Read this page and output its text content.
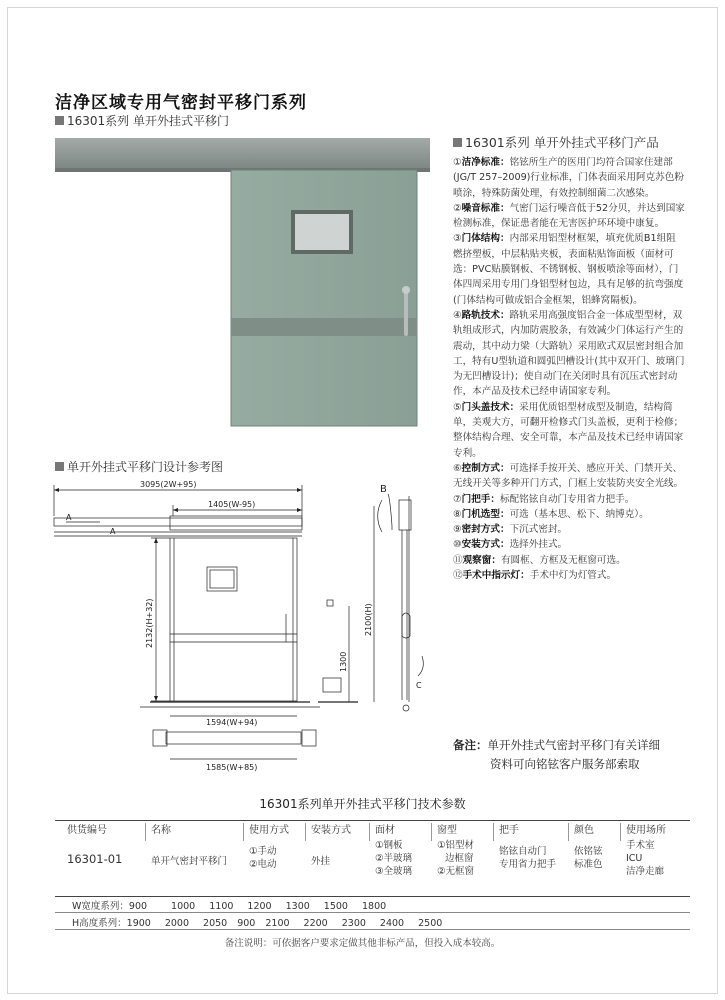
洁净区域专用气密封平移门系列
16301系列 单开外挂式平移门
16301系列 单开外挂式平移门产品

①洁净标准：铭铉所生产的医用门均符合国家住建部(JG/T 257–2009)行业标准，门体表面采用阿克苏色粉喷涂，特殊防菌处理，有效控制细菌二次感染。

②噪音标准：气密门运行噪音低于52分贝，并达到国家检测标准，保证患者能在无害医护环环境中康复。

③门体结构：内部采用铝型材框架，填充优质B1组阻燃挤塑板，中层粘贴夹板，表面粘贴饰面板（面材可选：PVC贴膜钢板、不锈钢板、钢板喷涂等面材），门体四周采用专用门身铝型材包边，具有足够的抗弯强度(门体结构可做成铝合金框架，铝蜂窝隔板)。

④路轨技术：路轨采用高强度铝合金一体成型型材，双轨组成形式，内加防震胶条，有效减少门体运行产生的震动，其中动力梁（大路轨）采用欧式双层密封组合加工，特有U型轨道和圆弧凹槽设计(其中双开门、玻璃门为无凹槽设计)；使自动门在关闭时具有沉压式密封动作，本产品及技术已经申请国家专利。

⑤门头盖技术：采用优质铝型材成型及制造，结构简单，美观大方，可翻开检修式门头盖板，更利于检修；整体结构合理、安全可靠，本产品及技术已经申请国家专利。

⑥控制方式：可选择手按开关、感应开关、门禁开关、无线开关等多种开门方式，门框上安装防夹安全光线。

⑦门把手：标配铭铉自动门专用省力把手。

⑧门机选型：可选（基本思、松下、纳博克）。

⑨密封方式：下沉式密封。

⑩安装方式：选择外挂式。

⑪观察窗：有圆框、方框及无框窗可选。

⑫手术中指示灯：手术中灯为灯管式。

单开外挂式平移门设计参考图
3095(2W+95)
1405(W-95)
2132(H+32)
1594(W+94)
1585(W+85)
2100(H)
1300
B
A
A
C
备注：单开外挂式气密封平移门有关详细
资料可向铭铉客户服务部索取
16301系列单开外挂式平移门技术参数
供货编号
16301-01
名称
单开气密封平移门
使用方式
①手动
②电动
安装方式
外挂
面材
①钢板
②半玻璃
③全玻璃
窗型
①铝型材
边框窗
②无框窗
把手
铭铉自动门
专用省力把手
颜色
依铭铉
标准色
使用场所
手术室
ICU
洁净走廊
W宽度系列：900	1000 1100 1200 1300 1500 1800
H高度系列：1900 2000 2050 900 2100 2200 2300 2400 2500
备注说明：可依据客户要求定做其他非标产品，但投入成本较高。
